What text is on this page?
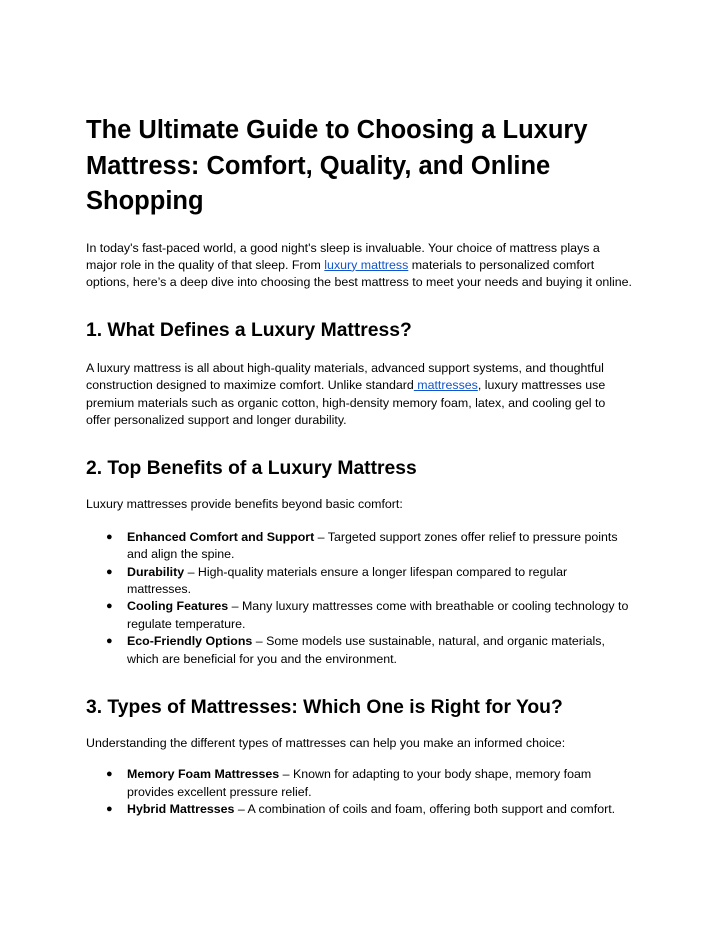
The Ultimate Guide to Choosing a Luxury Mattress: Comfort, Quality, and Online Shopping

In today's fast-paced world, a good night's sleep is invaluable. Your choice of mattress plays a major role in the quality of that sleep. From luxury mattress materials to personalized comfort options, here’s a deep dive into choosing the best mattress to meet your needs and buying it online.

1. What Defines a Luxury Mattress?

A luxury mattress is all about high-quality materials, advanced support systems, and thoughtful construction designed to maximize comfort. Unlike standard mattresses, luxury mattresses use premium materials such as organic cotton, high-density memory foam, latex, and cooling gel to offer personalized support and longer durability.

2. Top Benefits of a Luxury Mattress

Luxury mattresses provide benefits beyond basic comfort:

● Enhanced Comfort and Support – Targeted support zones offer relief to pressure points and align the spine.
● Durability – High-quality materials ensure a longer lifespan compared to regular mattresses.
● Cooling Features – Many luxury mattresses come with breathable or cooling technology to regulate temperature.
● Eco-Friendly Options – Some models use sustainable, natural, and organic materials, which are beneficial for you and the environment.
3. Types of Mattresses: Which One is Right for You?

Understanding the different types of mattresses can help you make an informed choice:

● Memory Foam Mattresses – Known for adapting to your body shape, memory foam provides excellent pressure relief.
● Hybrid Mattresses – A combination of coils and foam, offering both support and comfort.
